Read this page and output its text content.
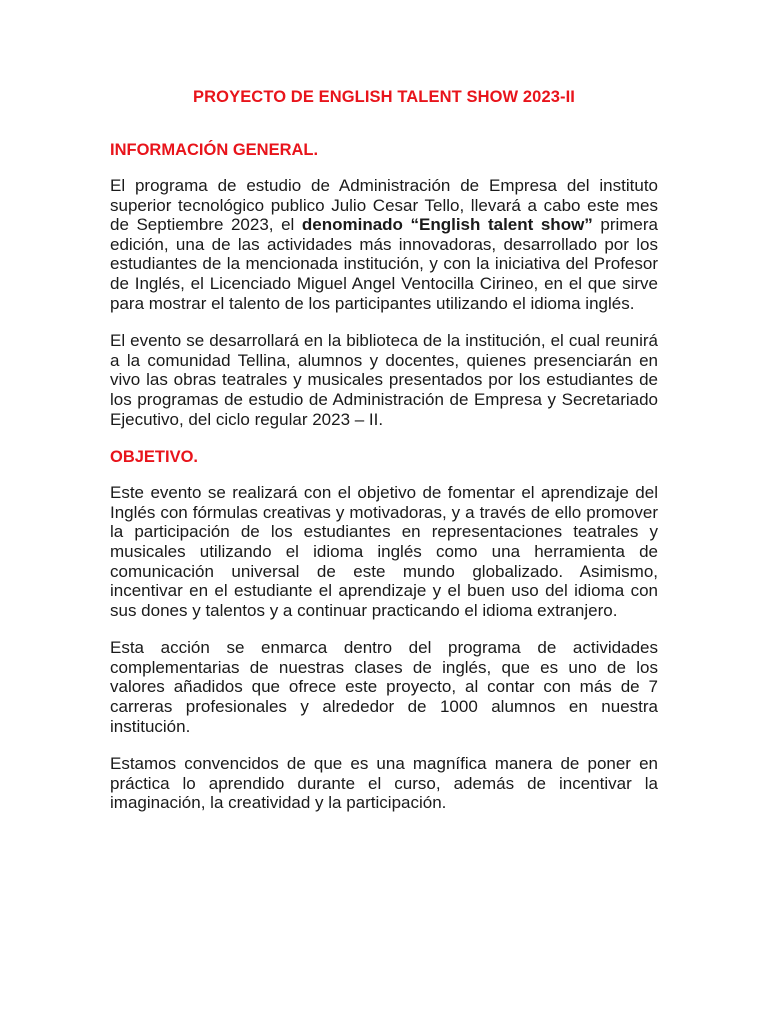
PROYECTO DE ENGLISH TALENT SHOW 2023-II
INFORMACIÓN GENERAL.

El programa de estudio de Administración de Empresa del instituto superior tecnológico publico Julio Cesar Tello, llevará a cabo este mes de Septiembre 2023, el denominado “English talent show” primera edición, una de las actividades más innovadoras, desarrollado por los estudiantes de la mencionada institución, y con la iniciativa del Profesor de Inglés, el Licenciado Miguel Angel Ventocilla Cirineo, en el que sirve para mostrar el talento de los participantes utilizando el idioma inglés.

El evento se desarrollará en la biblioteca de la institución, el cual reunirá a la comunidad Tellina, alumnos y docentes, quienes presenciarán en vivo las obras teatrales y musicales presentados por los estudiantes de los programas de estudio de Administración de Empresa y Secretariado Ejecutivo, del ciclo regular 2023 – II.

OBJETIVO.

Este evento se realizará con el objetivo de fomentar el aprendizaje del Inglés con fórmulas creativas y motivadoras, y a través de ello promover la participación de los estudiantes en representaciones teatrales y musicales utilizando el idioma inglés como una herramienta de comunicación universal de este mundo globalizado. Asimismo, incentivar en el estudiante el aprendizaje y el buen uso del idioma con sus dones y talentos y a continuar practicando el idioma extranjero.

Esta acción se enmarca dentro del programa de actividades complementarias de nuestras clases de inglés, que es uno de los valores añadidos que ofrece este proyecto, al contar con más de 7 carreras profesionales y alrededor de 1000 alumnos en nuestra institución.

Estamos convencidos de que es una magnífica manera de poner en práctica lo aprendido durante el curso, además de incentivar la imaginación, la creatividad y la participación.
